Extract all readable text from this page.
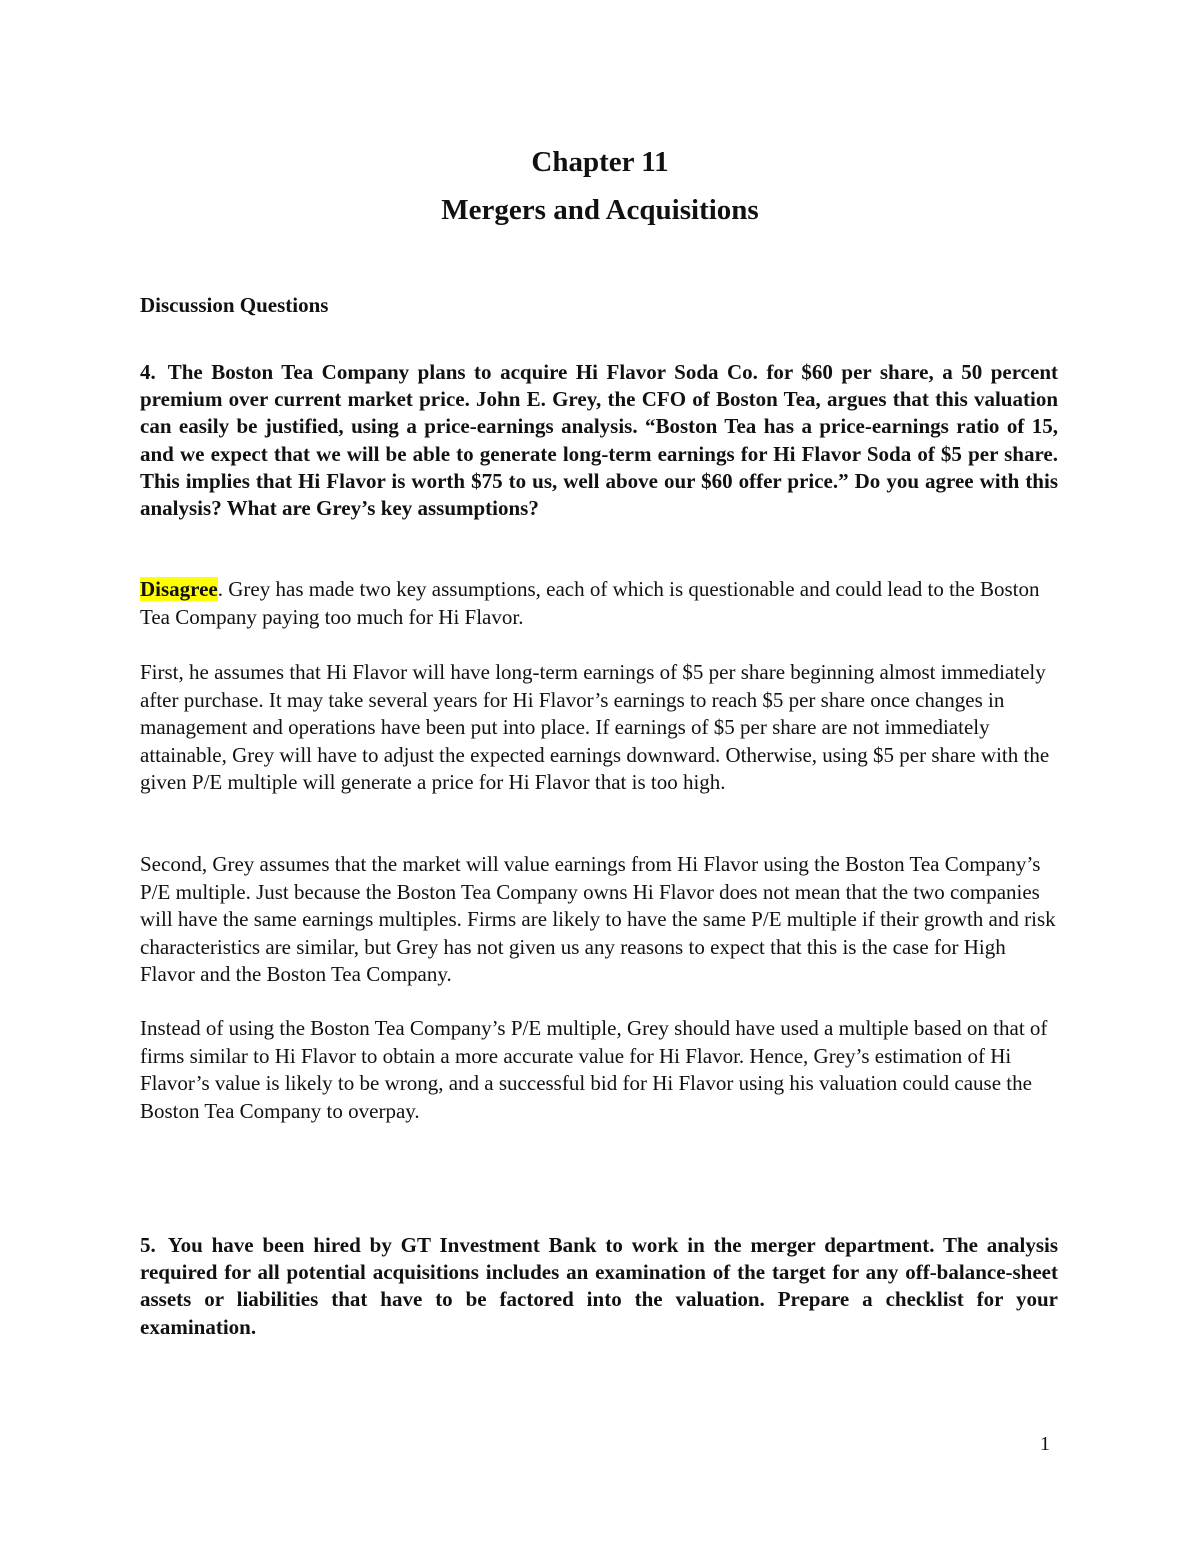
Chapter 11
Mergers and Acquisitions
Discussion Questions

4. The Boston Tea Company plans to acquire Hi Flavor Soda Co. for $60 per share, a 50 percent premium over current market price. John E. Grey, the CFO of Boston Tea, argues that this valuation can easily be justified, using a price-earnings analysis. “Boston Tea has a price-earnings ratio of 15, and we expect that we will be able to generate long-term earnings for Hi Flavor Soda of $5 per share. This implies that Hi Flavor is worth $75 to us, well above our $60 offer price.” Do you agree with this analysis? What are Grey’s key assumptions?

Disagree. Grey has made two key assumptions, each of which is questionable and could lead to the Boston Tea Company paying too much for Hi Flavor.

First, he assumes that Hi Flavor will have long-term earnings of $5 per share beginning almost immediately after purchase. It may take several years for Hi Flavor’s earnings to reach $5 per share once changes in management and operations have been put into place. If earnings of $5 per share are not immediately attainable, Grey will have to adjust the expected earnings downward. Otherwise, using $5 per share with the given P/E multiple will generate a price for Hi Flavor that is too high.

Second, Grey assumes that the market will value earnings from Hi Flavor using the Boston Tea Company’s P/E multiple. Just because the Boston Tea Company owns Hi Flavor does not mean that the two companies will have the same earnings multiples. Firms are likely to have the same P/E multiple if their growth and risk characteristics are similar, but Grey has not given us any reasons to expect that this is the case for High Flavor and the Boston Tea Company.

Instead of using the Boston Tea Company’s P/E multiple, Grey should have used a multiple based on that of firms similar to Hi Flavor to obtain a more accurate value for Hi Flavor. Hence, Grey’s estimation of Hi Flavor’s value is likely to be wrong, and a successful bid for Hi Flavor using his valuation could cause the Boston Tea Company to overpay.

5. You have been hired by GT Investment Bank to work in the merger department. The analysis required for all potential acquisitions includes an examination of the target for any off-balance-sheet assets or liabilities that have to be factored into the valuation. Prepare a checklist for your examination.

1
